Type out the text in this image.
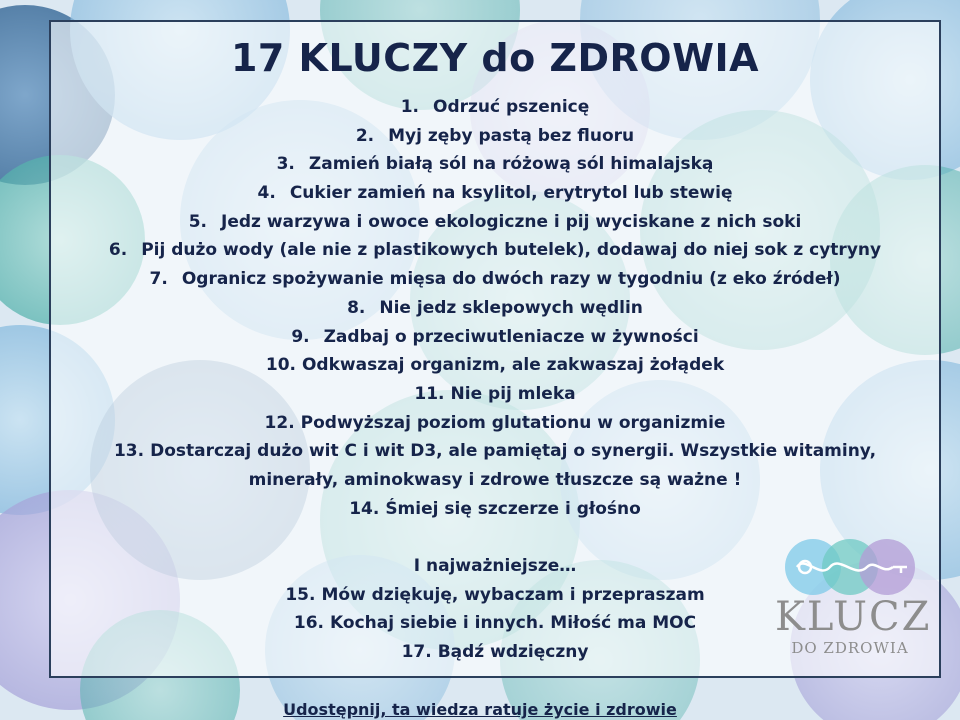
17 KLUCZY do ZDROWIA
1. Odrzuć pszenicę
2. Myj zęby pastą bez fluoru
3. Zamień białą sól na różową sól himalajską
4. Cukier zamień na ksylitol, erytrytol lub stewię
5. Jedz warzywa i owoce ekologiczne i pij wyciskane z nich soki
6. Pij dużo wody (ale nie z plastikowych butelek), dodawaj do niej sok z cytryny
7. Ogranicz spożywanie mięsa do dwóch razy w tygodniu (z eko źródeł)
8. Nie jedz sklepowych wędlin
9. Zadbaj o przeciwutleniacze w żywności
10. Odkwaszaj organizm, ale zakwaszaj żołądek
11. Nie pij mleka
12. Podwyższaj poziom glutationu w organizmie
13. Dostarczaj dużo wit C i wit D3, ale pamiętaj o synergii. Wszystkie witaminy,
minerały, aminokwasy i zdrowe tłuszcze są ważne !
14. Śmiej się szczerze i głośno
I najważniejsze…
15. Mów dziękuję, wybaczam i przepraszam
16. Kochaj siebie i innych. Miłość ma MOC
17. Bądź wdzięczny
KLUCZ
DO ZDROWIA
Udostępnij, ta wiedza ratuje życie i zdrowie
